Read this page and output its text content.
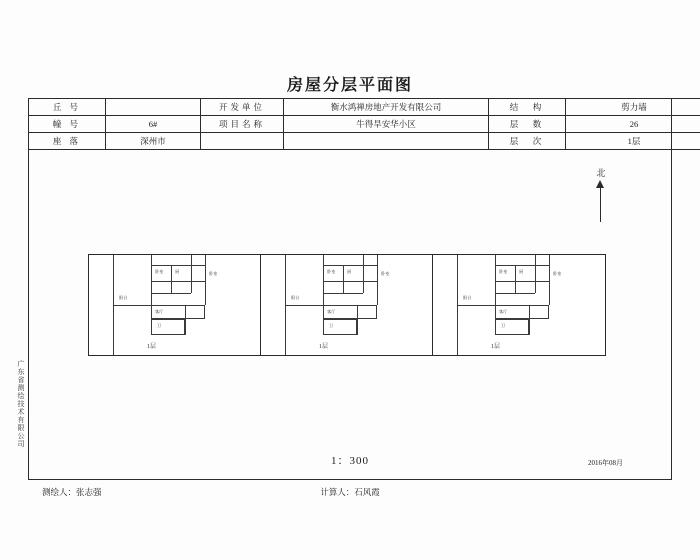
房屋分层平面图
丘 号		开发单位	衡水鸿禅房地产开发有限公司	结　构	剪力墙
幢 号	6#	项目名称	牛得旱安华小区	层　数	26
座 落	深州市			层　次	1层
北
阳台
卧室	厨	卧室
客厅
卫
1层
阳台
卧室	厨	卧室
客厅
卫
1层
阳台
卧室	厨	卧室
客厅
卫
1层
1：300	2016年08月
广东省测绘技术有限公司
测绘人：张志强	计算人：石风霞
